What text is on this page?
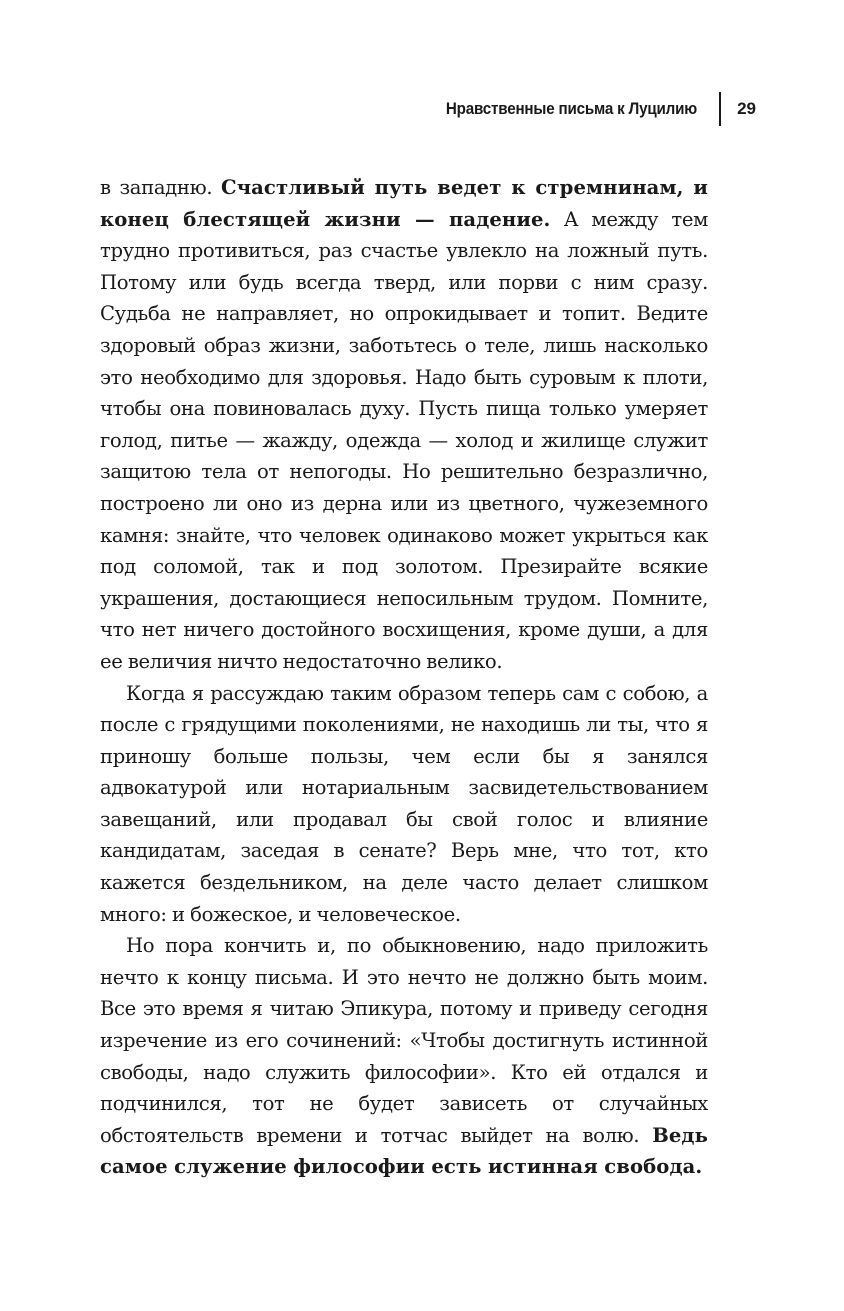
Нравственные письма к Луцилию 29

в западню. Счастливый путь ведет к стремнинам, и конец блестящей жизни — падение. А между тем трудно противиться, раз счастье увлекло на ложный путь. Потому или будь всегда тверд, или порви с ним сразу. Судьба не направляет, но опрокидывает и топит. Ведите здоровый образ жизни, заботьтесь о теле, лишь насколько это необходимо для здоровья. Надо быть суровым к плоти, чтобы она повиновалась духу. Пусть пища только умеряет голод, питье — жажду, одежда — холод и жилище служит защитою тела от непогоды. Но решительно безразлично, построено ли оно из дерна или из цветного, чужеземного камня: знайте, что человек одинаково может укрыться как под соломой, так и под золотом. Презирайте всякие украшения, достающиеся непосильным трудом. Помните, что нет ничего достойного восхищения, кроме души, а для ее величия ничто недостаточно велико.

Когда я рассуждаю таким образом теперь сам с собою, а после с грядущими поколениями, не находишь ли ты, что я приношу больше пользы, чем если бы я занялся адвокатурой или нотариальным засвидетельствованием завещаний, или продавал бы свой голос и влияние кандидатам, заседая в сенате? Верь мне, что тот, кто кажется бездельником, на деле часто делает слишком много: и божеское, и человеческое.

Но пора кончить и, по обыкновению, надо приложить нечто к концу письма. И это нечто не должно быть моим. Все это время я читаю Эпикура, потому и приведу сегодня изречение из его сочинений: «Чтобы достигнуть истинной свободы, надо служить философии». Кто ей отдался и подчинился, тот не будет зависеть от случайных обстоятельств времени и тотчас выйдет на волю. Ведь самое служение философии есть истинная свобода.
